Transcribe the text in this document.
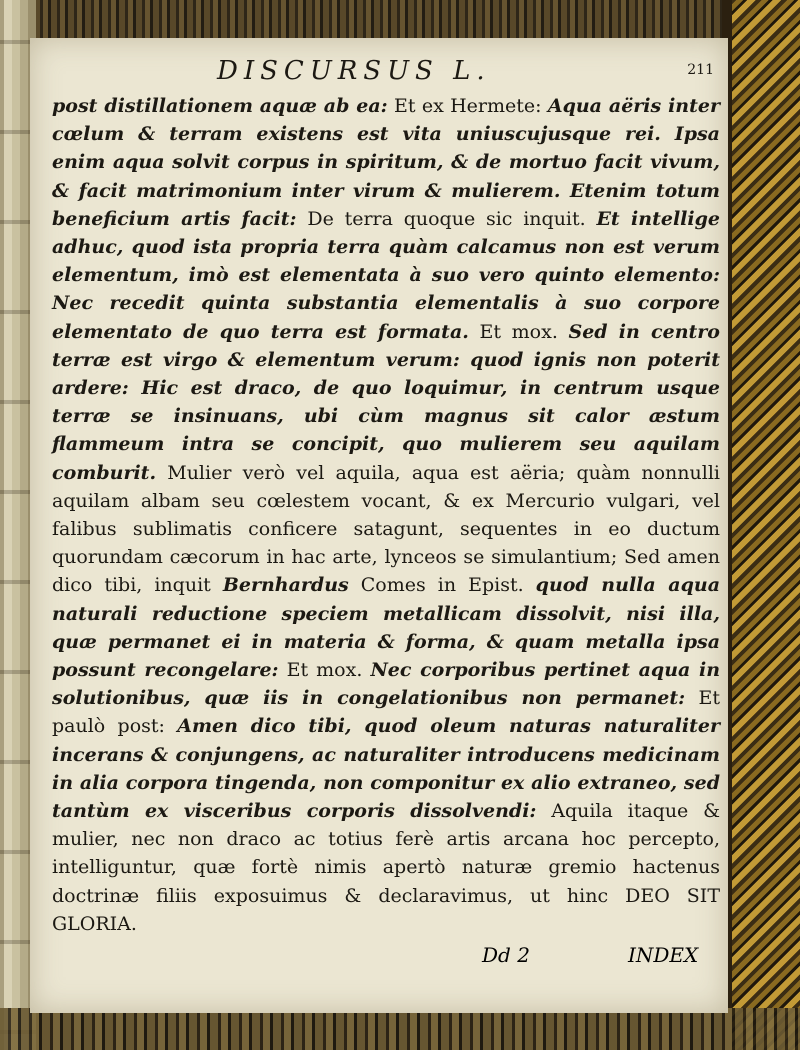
DISCURSUS L.	211

post distillationem aquæ ab ea: Et ex Hermete: Aqua aëris inter cœlum & terram existens est vita uniuscujusque rei. Ipsa enim aqua solvit corpus in spiritum, & de mortuo facit vivum, & facit matrimonium inter virum & mulierem. Etenim totum beneficium artis facit: De terra quoque sic inquit. Et intellige adhuc, quod ista propria terra quàm calcamus non est verum elementum, imò est elementata à suo vero quinto elemento: Nec recedit quinta substantia elementalis à suo corpore elementato de quo terra est formata. Et mox. Sed in centro terræ est virgo & elementum verum: quod ignis non poterit ardere: Hic est draco, de quo loquimur, in centrum usque terræ se insinuans, ubi cùm magnus sit calor æstum flammeum intra se concipit, quo mulierem seu aquilam comburit. Mulier verò vel aquila, aqua est aëria; quàm nonnulli aquilam albam seu cœlestem vocant, & ex Mercurio vulgari, vel falibus sublimatis conficere satagunt, sequentes in eo ductum quorundam cæcorum in hac arte, lynceos se simulantium; Sed amen dico tibi, inquit Bernhardus Comes in Epist. quod nulla aqua naturali reductione speciem metallicam dissolvit, nisi illa, quæ permanet ei in materia & forma, & quam metalla ipsa possunt recongelare: Et mox. Nec corporibus pertinet aqua in solutionibus, quæ iis in congelationibus non permanet: Et paulò post: Amen dico tibi, quod oleum naturas naturaliter incerans & conjungens, ac naturaliter introducens medicinam in alia corpora tingenda, non componitur ex alio extraneo, sed tantùm ex visceribus corporis dissolvendi: Aquila itaque & mulier, nec non draco ac totius ferè artis arcana hoc percepto, intelliguntur, quæ fortè nimis apertò naturæ gremio hactenus doctrinæ filiis exposuimus & declaravimus, ut hinc DEO SIT GLORIA.

Dd 2	INDEX
